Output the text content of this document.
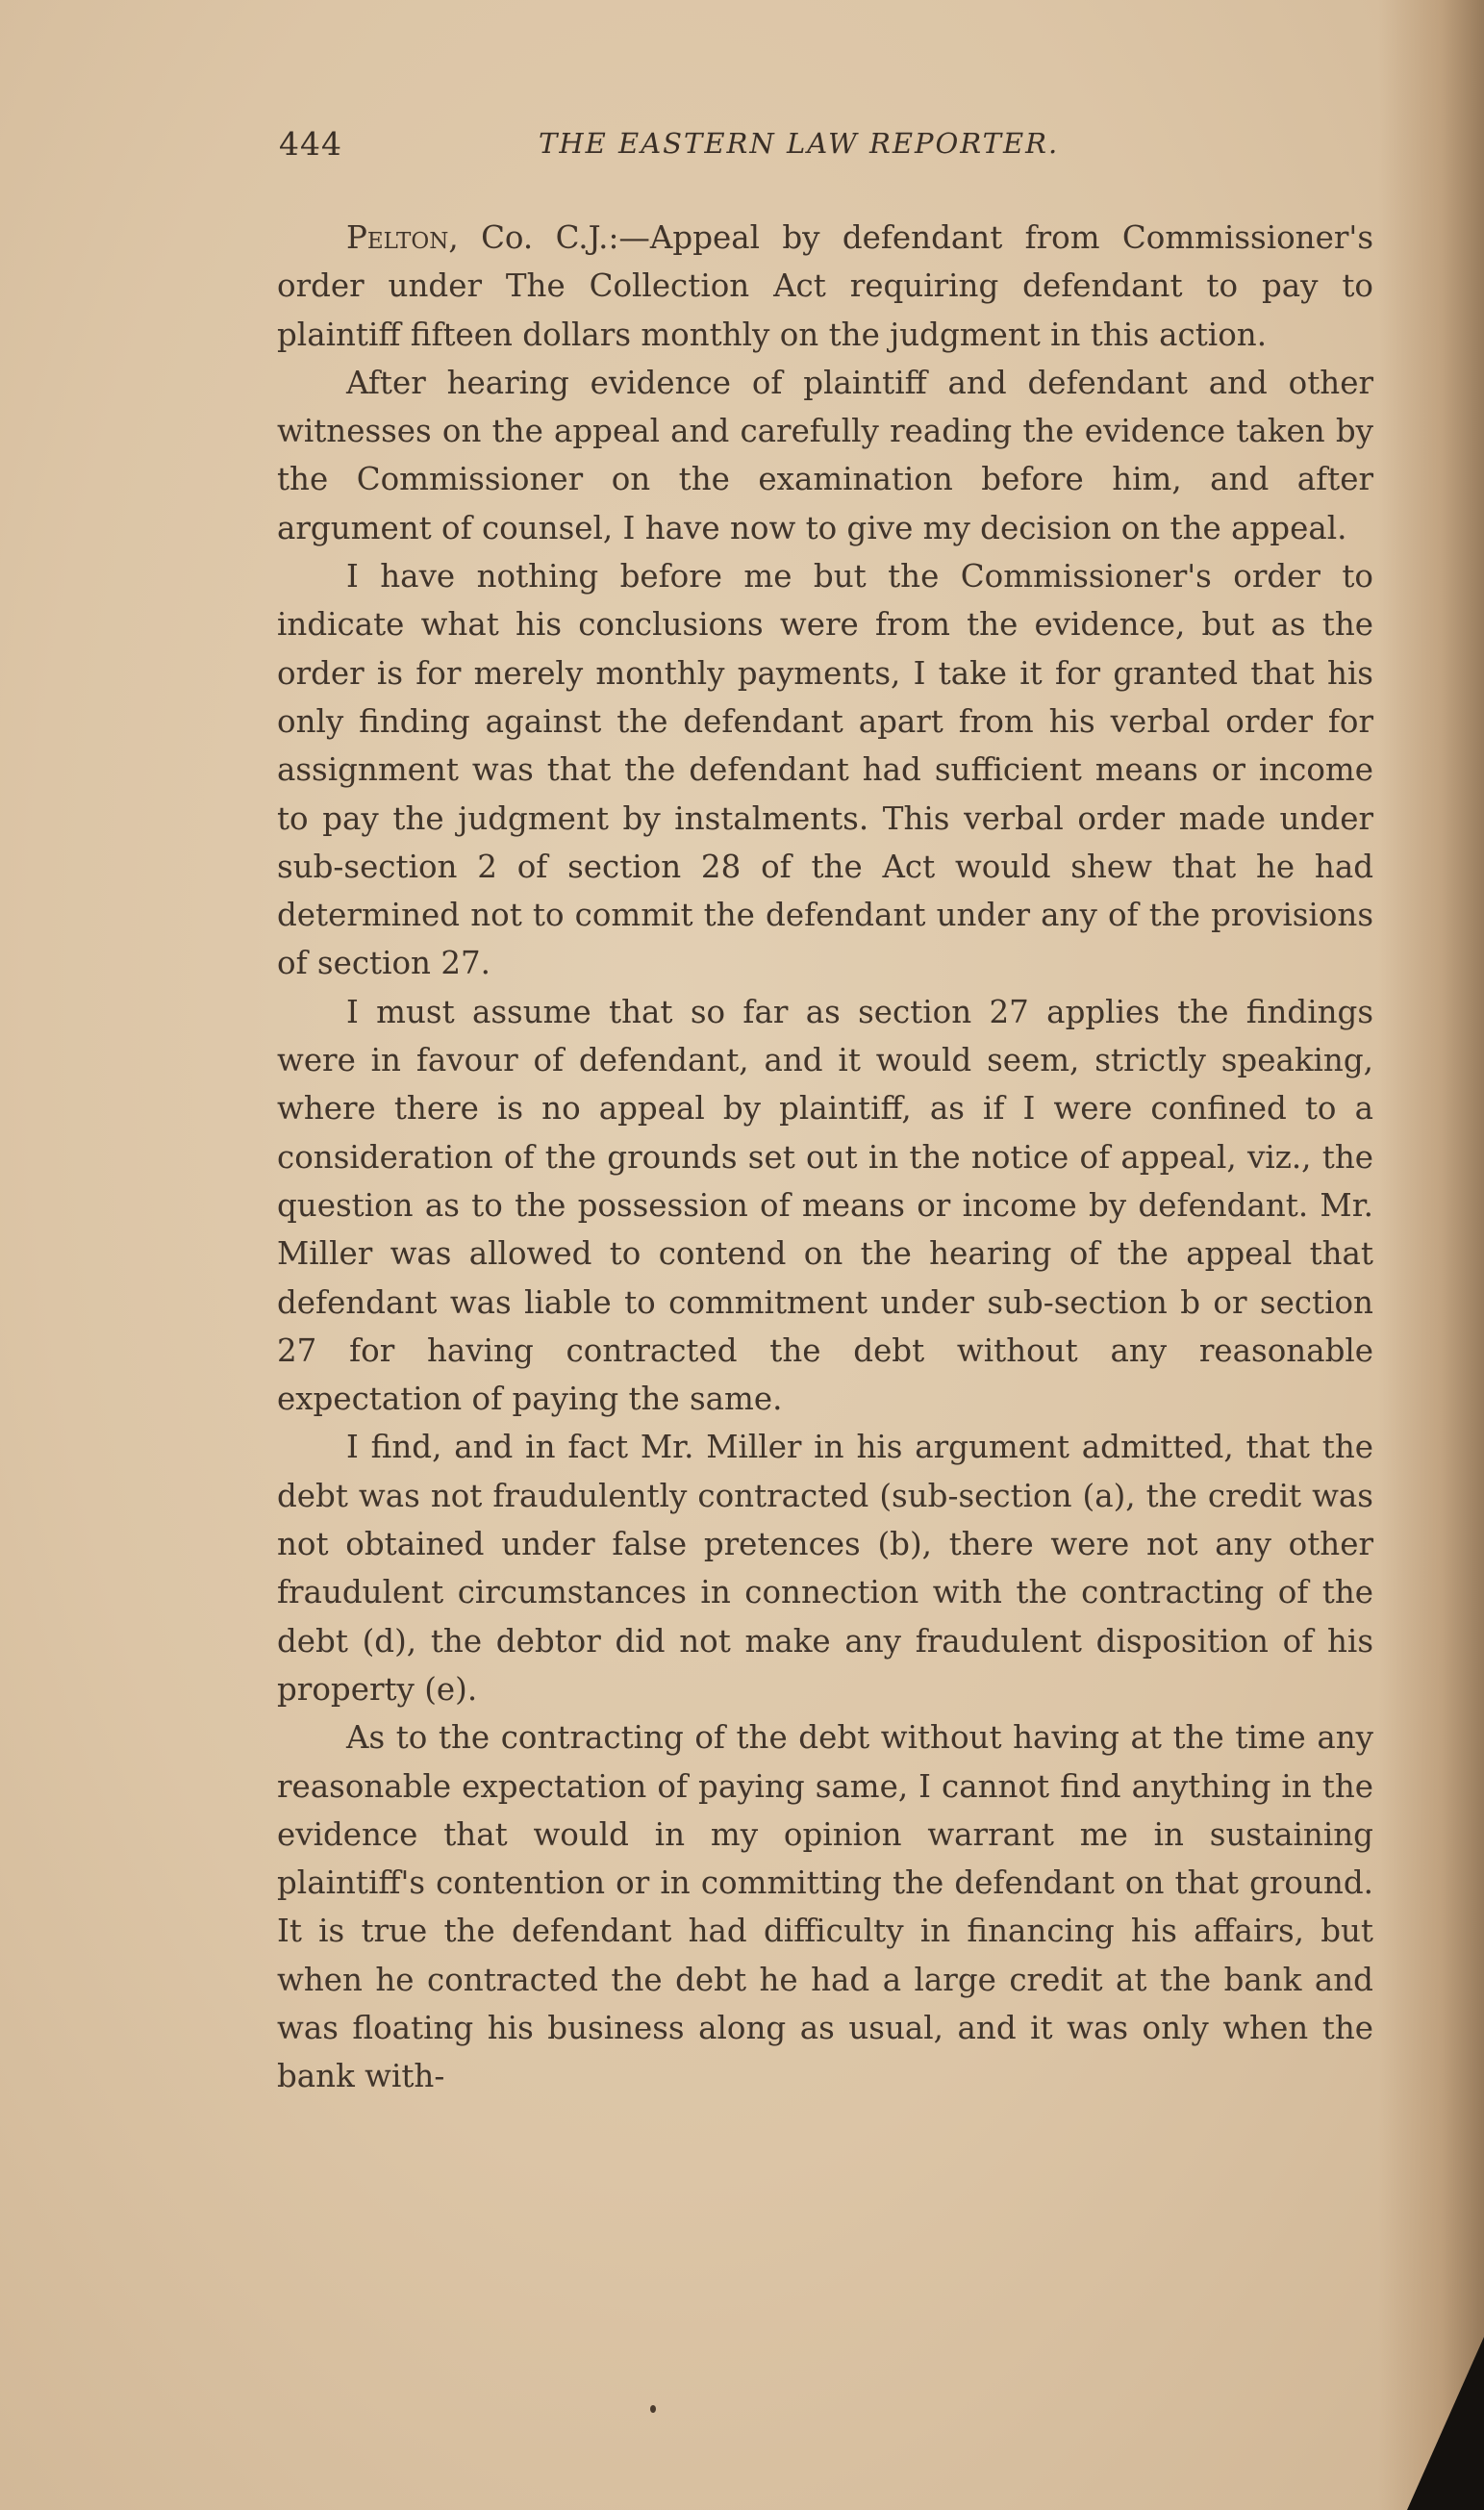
444	THE EASTERN LAW REPORTER.

Pelton, Co. C.J.:—Appeal by defendant from Commissioner's order under The Collection Act requiring defendant to pay to plaintiff fifteen dollars monthly on the judgment in this action.

After hearing evidence of plaintiff and defendant and other witnesses on the appeal and carefully reading the evidence taken by the Commissioner on the examination before him, and after argument of counsel, I have now to give my decision on the appeal.

I have nothing before me but the Commissioner's order to indicate what his conclusions were from the evidence, but as the order is for merely monthly payments, I take it for granted that his only finding against the defendant apart from his verbal order for assignment was that the defendant had sufficient means or income to pay the judgment by instalments. This verbal order made under sub-section 2 of section 28 of the Act would shew that he had determined not to commit the defendant under any of the provisions of section 27.

I must assume that so far as section 27 applies the findings were in favour of defendant, and it would seem, strictly speaking, where there is no appeal by plaintiff, as if I were confined to a consideration of the grounds set out in the notice of appeal, viz., the question as to the possession of means or income by defendant. Mr. Miller was allowed to contend on the hearing of the appeal that defendant was liable to commitment under sub-section b or section 27 for having contracted the debt without any reasonable expectation of paying the same.

I find, and in fact Mr. Miller in his argument admitted, that the debt was not fraudulently contracted (sub-section (a), the credit was not obtained under false pretences (b), there were not any other fraudulent circumstances in connection with the contracting of the debt (d), the debtor did not make any fraudulent disposition of his property (e).

As to the contracting of the debt without having at the time any reasonable expectation of paying same, I cannot find anything in the evidence that would in my opinion warrant me in sustaining plaintiff's contention or in committing the defendant on that ground. It is true the defendant had difficulty in financing his affairs, but when he contracted the debt he had a large credit at the bank and was floating his business along as usual, and it was only when the bank with-
